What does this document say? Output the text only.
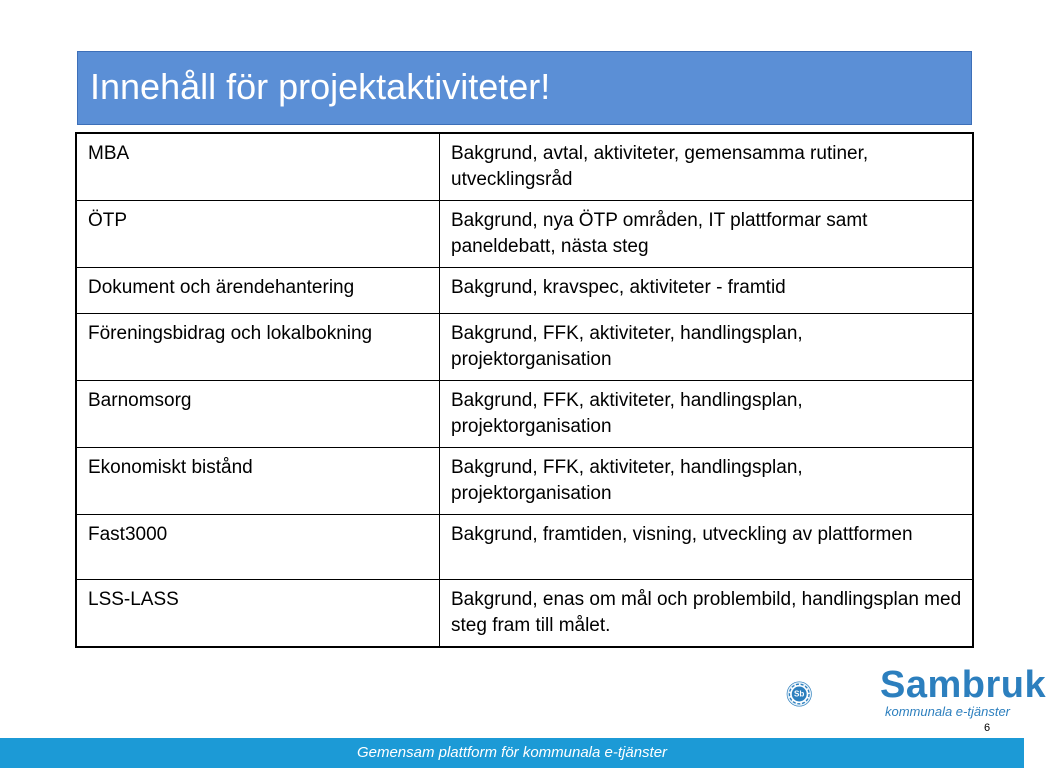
Innehåll för projektaktiviteter!
MBA	Bakgrund, avtal, aktiviteter, gemensamma rutiner, utvecklingsråd
ÖTP	Bakgrund, nya ÖTP områden, IT plattformar samt paneldebatt, nästa steg
Dokument och ärendehantering	Bakgrund, kravspec, aktiviteter - framtid
Föreningsbidrag och lokalbokning	Bakgrund, FFK, aktiviteter, handlingsplan, projektorganisation
Barnomsorg	Bakgrund, FFK, aktiviteter, handlingsplan, projektorganisation
Ekonomiskt bistånd	Bakgrund, FFK, aktiviteter, handlingsplan, projektorganisation
Fast3000	Bakgrund, framtiden, visning, utveckling av plattformen
LSS-LASS	Bakgrund, enas om mål och problembild, handlingsplan med steg fram till målet.
Sb Sambruk
kommunala e-tjänster
6
Gemensam plattform för kommunala e-tjänster
